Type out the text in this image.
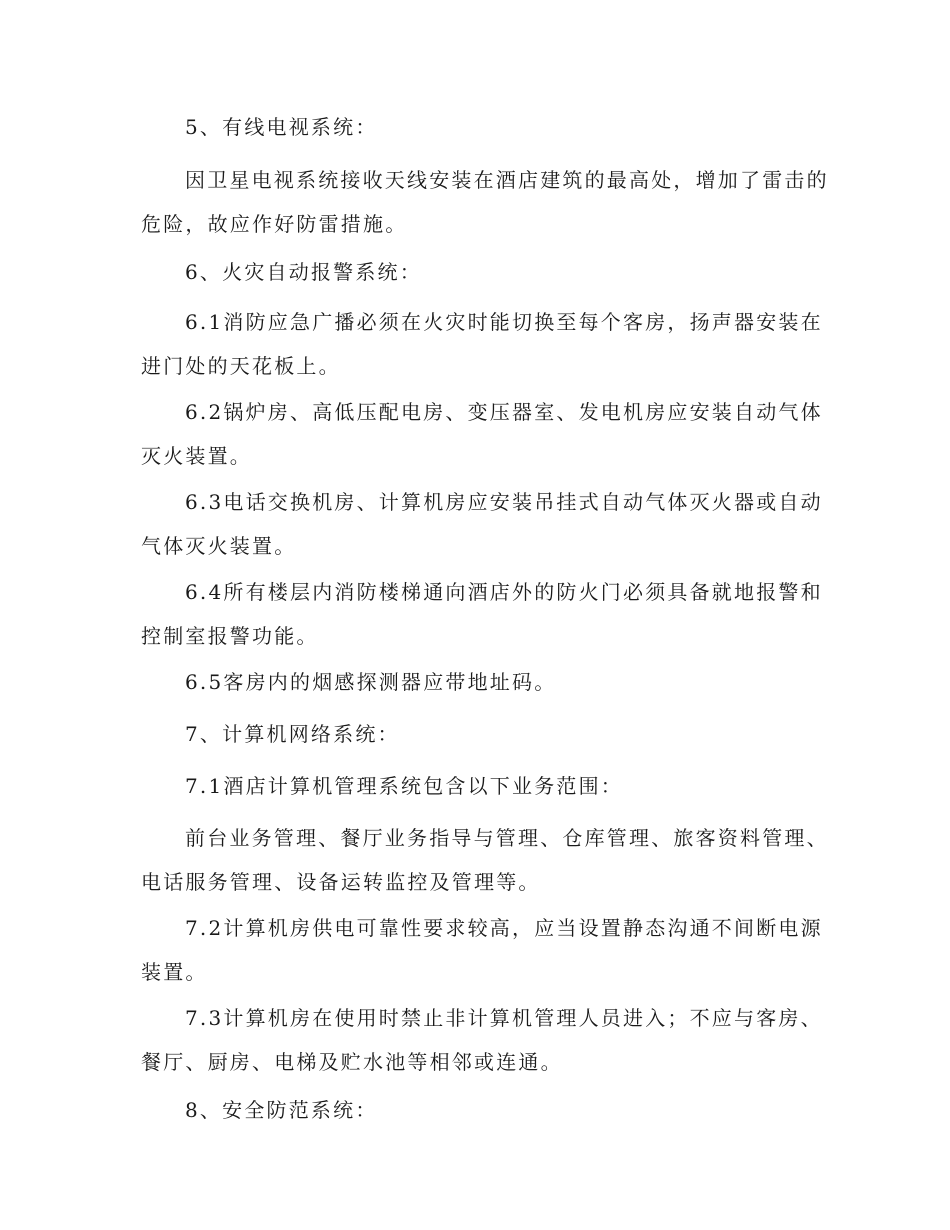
5、有线电视系统：

因卫星电视系统接收天线安装在酒店建筑的最高处，增加了雷击的危险，故应作好防雷措施。

6、火灾自动报警系统：

6.1消防应急广播必须在火灾时能切换至每个客房，扬声器安装在进门处的天花板上。

6.2锅炉房、高低压配电房、变压器室、发电机房应安装自动气体灭火装置。

6.3电话交换机房、计算机房应安装吊挂式自动气体灭火器或自动气体灭火装置。

6.4所有楼层内消防楼梯通向酒店外的防火门必须具备就地报警和控制室报警功能。

6.5客房内的烟感探测器应带地址码。

7、计算机网络系统：

7.1酒店计算机管理系统包含以下业务范围：

前台业务管理、餐厅业务指导与管理、仓库管理、旅客资料管理、电话服务管理、设备运转监控及管理等。

7.2计算机房供电可靠性要求较高，应当设置静态沟通不间断电源装置。

7.3计算机房在使用时禁止非计算机管理人员进入；不应与客房、餐厅、厨房、电梯及贮水池等相邻或连通。

8、安全防范系统：
